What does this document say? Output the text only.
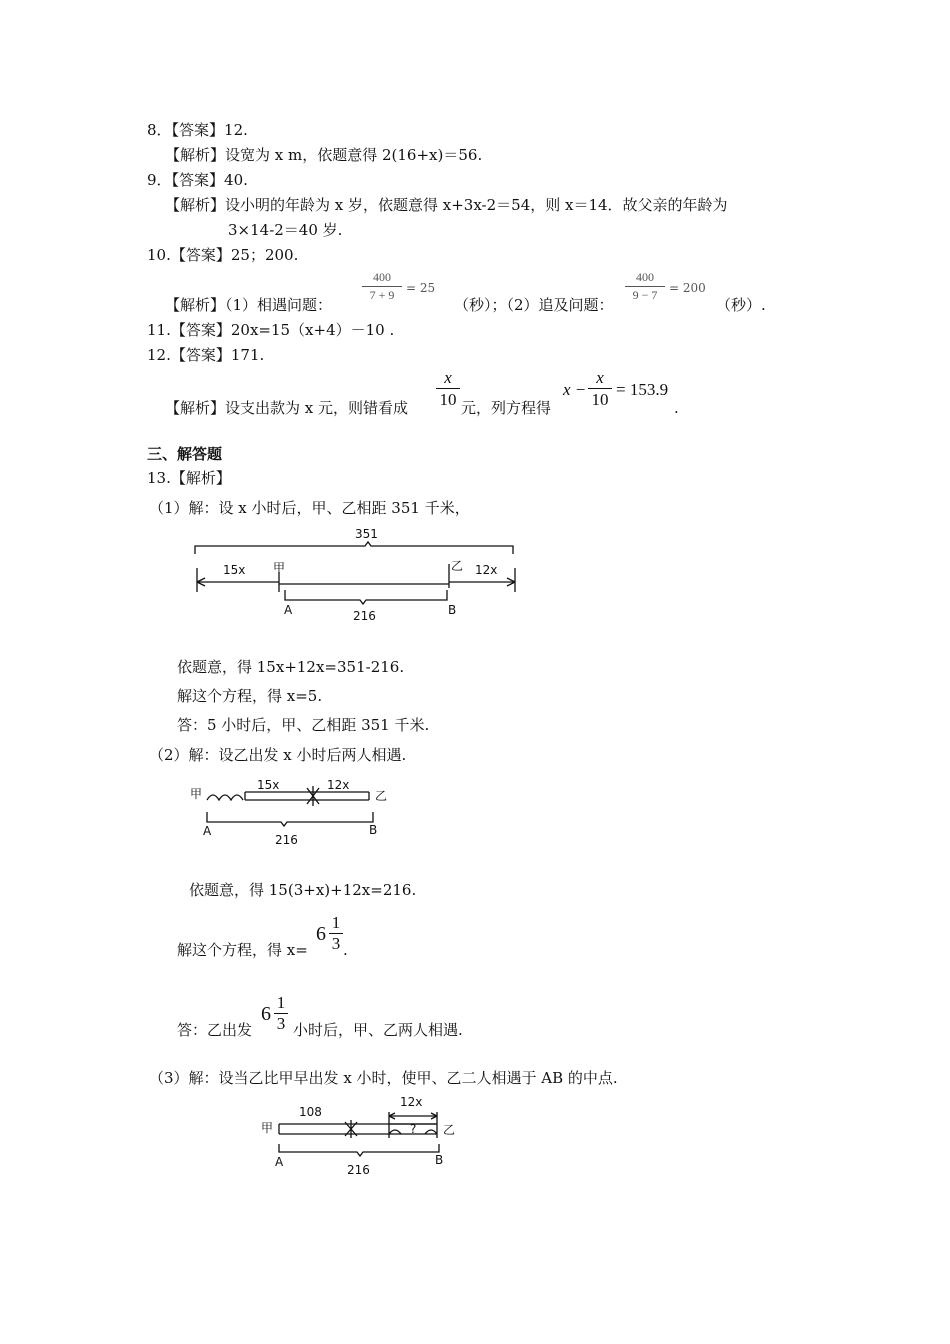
8．【答案】12.
【解析】设宽为 x m，依题意得 2(16+x)＝56.
9．【答案】40.
【解析】设小明的年龄为 x 岁，依题意得 x+3x-2＝54，则 x＝14．故父亲的年龄为
3×14-2＝40 岁.
10.【答案】25；200.
【解析】（1）相遇问题：
400
7 + 9 = 25
（秒）；（2）追及问题：
400
9 − 7 = 200
（秒）.
11.【答案】20x=15（x+4）－10 .
12.【答案】171.
【解析】设支出款为 x 元，则错看成
x
10 元，列方程得
x −
x
10
= 153.9
.
三、解答题
13.【解析】
（1）解：设 x 小时后，甲、乙相距 351 千米，
15x 甲	乙 12x
351
A	B
216
依题意，得 15x+12x=351-216.
解这个方程，得 x=5.
答：5 小时后，甲、乙相距 351 千米.
（2）解：设乙出发 x 小时后两人相遇.
甲
15x	12x
乙
A	B
216
依题意，得 15(3+x)+12x=216.
解这个方程，得 x=
6
1
3 .
答：乙出发
6
1
3 小时后，甲、乙两人相遇.
（3）解：设当乙比甲早出发 x 小时，使甲、乙二人相遇于 AB 的中点.
甲
108
12x
? 乙
A	B
216
